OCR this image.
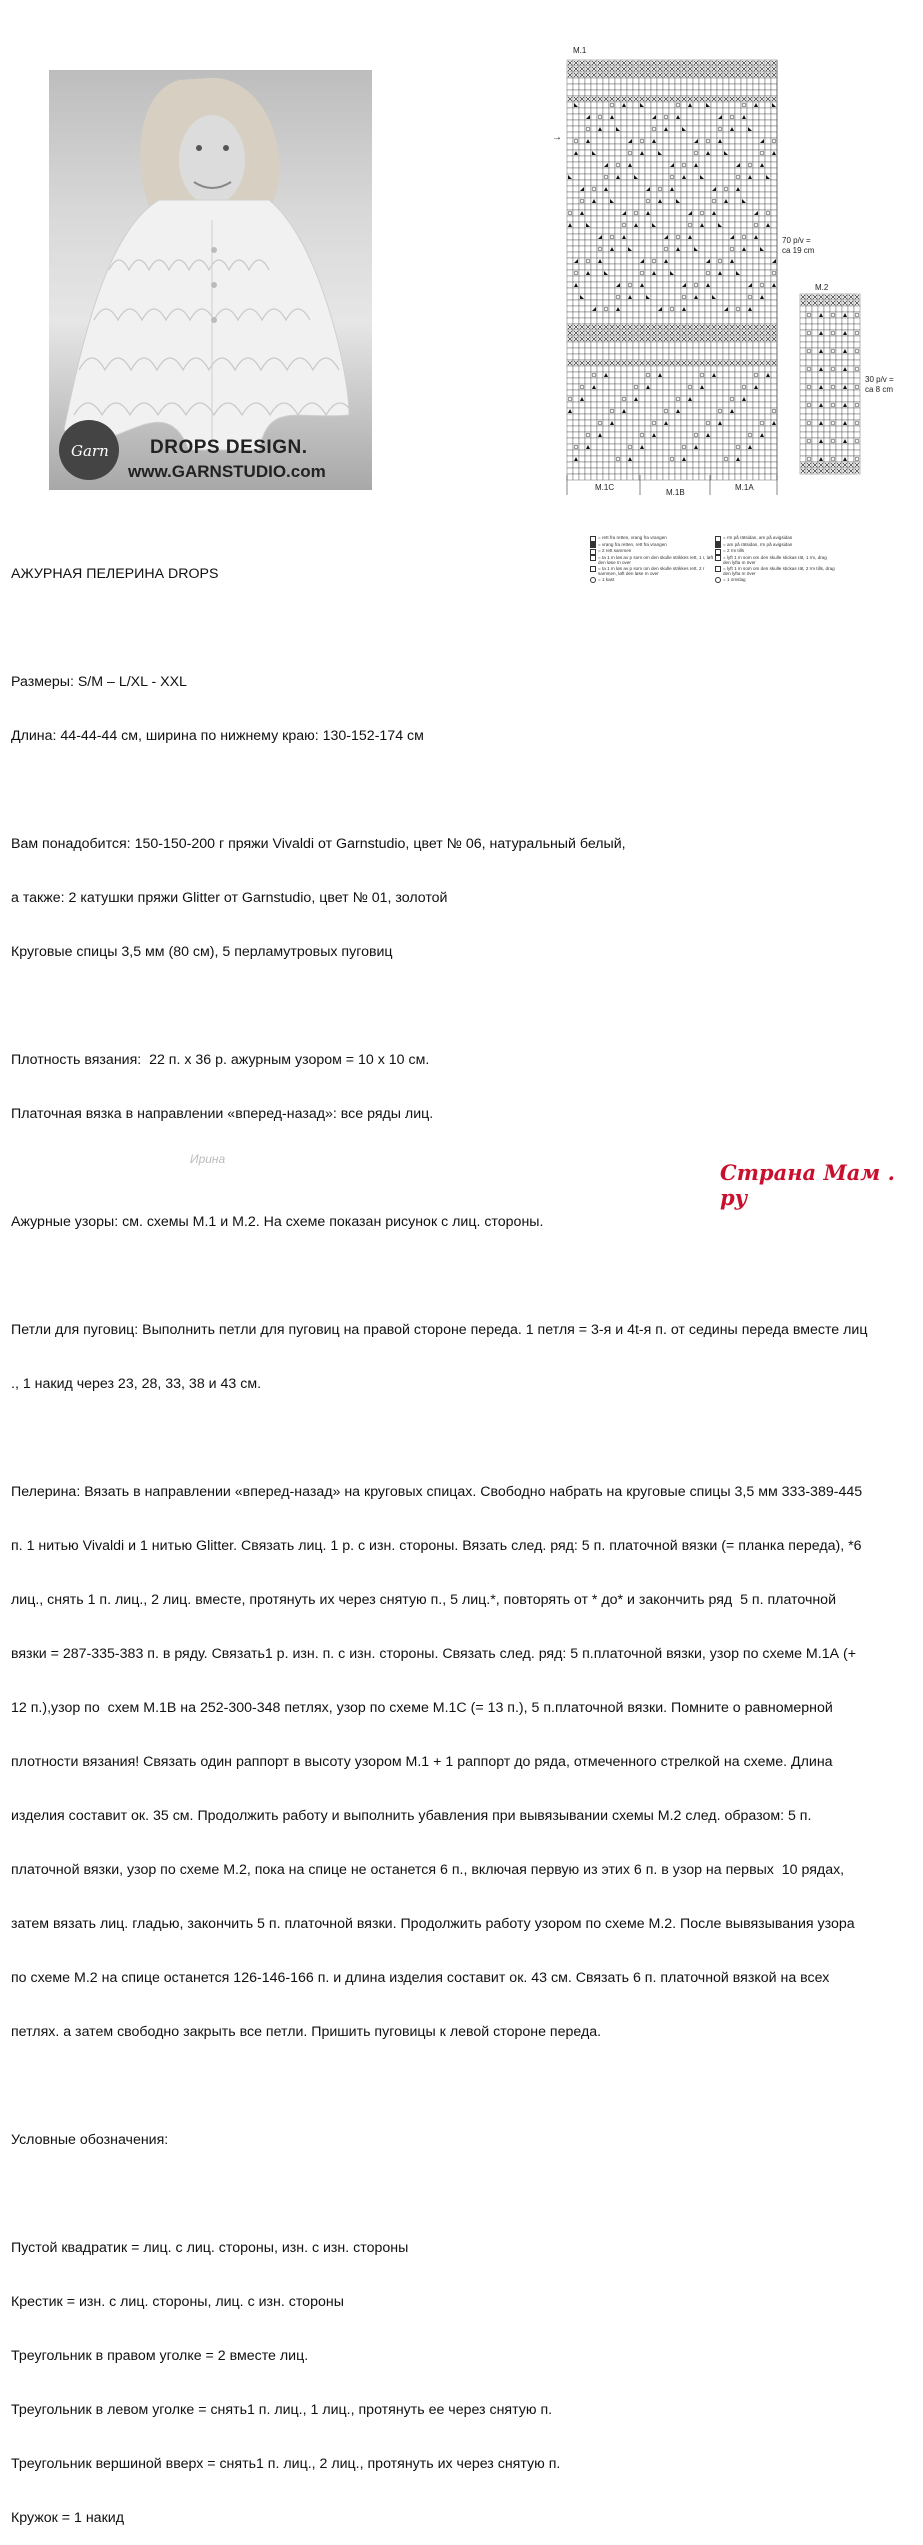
Garn DROPS DESIGN.
www.GARNSTUDIO.com
M.1
→
70 p/v =
ca 19 cm
M.1C
M.1B
M.1A
M.2
30 p/v =
ca 8 cm
= rett fra retten, vrang fra vrangen
= vrang fra retten, rett fra vrangen
= 2 rett sammen
= ta 1 m løs av p som om den skulle strikkes rett, 1 r, løft den løse m over
= ta 1 m løs av p som om den skulle strikkes rett, 2 r sammen, løft den løse m over
= 1 kast
= rm på rätsidan, am på avigsidan
= am på rätsidan, rm på avigsidan
= 2 rm tills
= lyft 1 m som om den skulle stickas rät, 1 rm, drag den lyfta m över
= lyft 1 m som om den skulle stickas rät, 2 rm tills, drag den lyfta m över
= 1 omslag

АЖУРНАЯ ПЕЛЕРИНА DROPS

Размеры: S/M – L/XL - XXL

Длина: 44-44-44 см, ширина по нижнему краю: 130-152-174 см

Вам понадобится: 150-150-200 г пряжи Vivaldi от Garnstudio, цвет № 06, натуральный белый,

а также: 2 катушки пряжи Glitter от Garnstudio, цвет № 01, золотой

Круговые спицы 3,5 мм (80 см), 5 перламутровых пуговиц

Плотность вязания:  22 п. х 36 р. ажурным узором = 10 х 10 см.

Платочная вязка в направлении «вперед-назад»: все ряды лиц.

Ажурные узоры: см. схемы М.1 и М.2. На схеме показан рисунок с лиц. стороны.

Петли для пуговиц: Выполнить петли для пуговиц на правой стороне переда. 1 петля = 3-я и 4t-я п. от седины переда вместе лиц

., 1 накид через 23, 28, 33, 38 и 43 см.

Пелерина: Вязать в направлении «вперед-назад» на круговых спицах. Свободно набрать на круговые спицы 3,5 мм 333-389-445

п. 1 нитью Vivaldi и 1 нитью Glitter. Связать лиц. 1 р. с изн. стороны. Вязать след. ряд: 5 п. платочной вязки (= планка переда), *6

лиц., снять 1 п. лиц., 2 лиц. вместе, протянуть их через снятую п., 5 лиц.*, повторять от * до* и закончить ряд  5 п. платочной

вязки = 287-335-383 п. в ряду. Связать1 р. изн. п. с изн. стороны. Связать след. ряд: 5 п.платочной вязки, узор по схеме М.1А (+

12 п.),узор по  схем М.1В на 252-300-348 петлях, узор по схеме М.1С (= 13 п.), 5 п.платочной вязки. Помните о равномерной

плотности вязания! Связать один раппорт в высоту узором М.1 + 1 раппорт до ряда, отмеченного стрелкой на схеме. Длина

изделия составит ок. 35 см. Продолжить работу и выполнить убавления при вывязывании схемы М.2 след. образом: 5 п.

платочной вязки, узор по схеме М.2, пока на спице не останется 6 п., включая первую из этих 6 п. в узор на первых  10 рядах,

затем вязать лиц. гладью, закончить 5 п. платочной вязки. Продолжить работу узором по схеме М.2. После вывязывания узора

по схеме М.2 на спице останется 126-146-166 п. и длина изделия составит ок. 43 см. Связать 6 п. платочной вязкой на всех

петлях. а затем свободно закрыть все петли. Пришить пуговицы к левой стороне переда.

Условные обозначения:

Пустой квадратик = лиц. с лиц. стороны, изн. с изн. стороны

Крестик = изн. с лиц. стороны, лиц. с изн. стороны

Треугольник в правом уголке = 2 вместе лиц.

Треугольник в левом уголке = снять1 п. лиц., 1 лиц., протянуть ее через снятую п.

Треугольник вершиной вверх = снять1 п. лиц., 2 лиц., протянуть их через снятую п.

Кружок = 1 накид

Ирина
Страна Мам . ру
